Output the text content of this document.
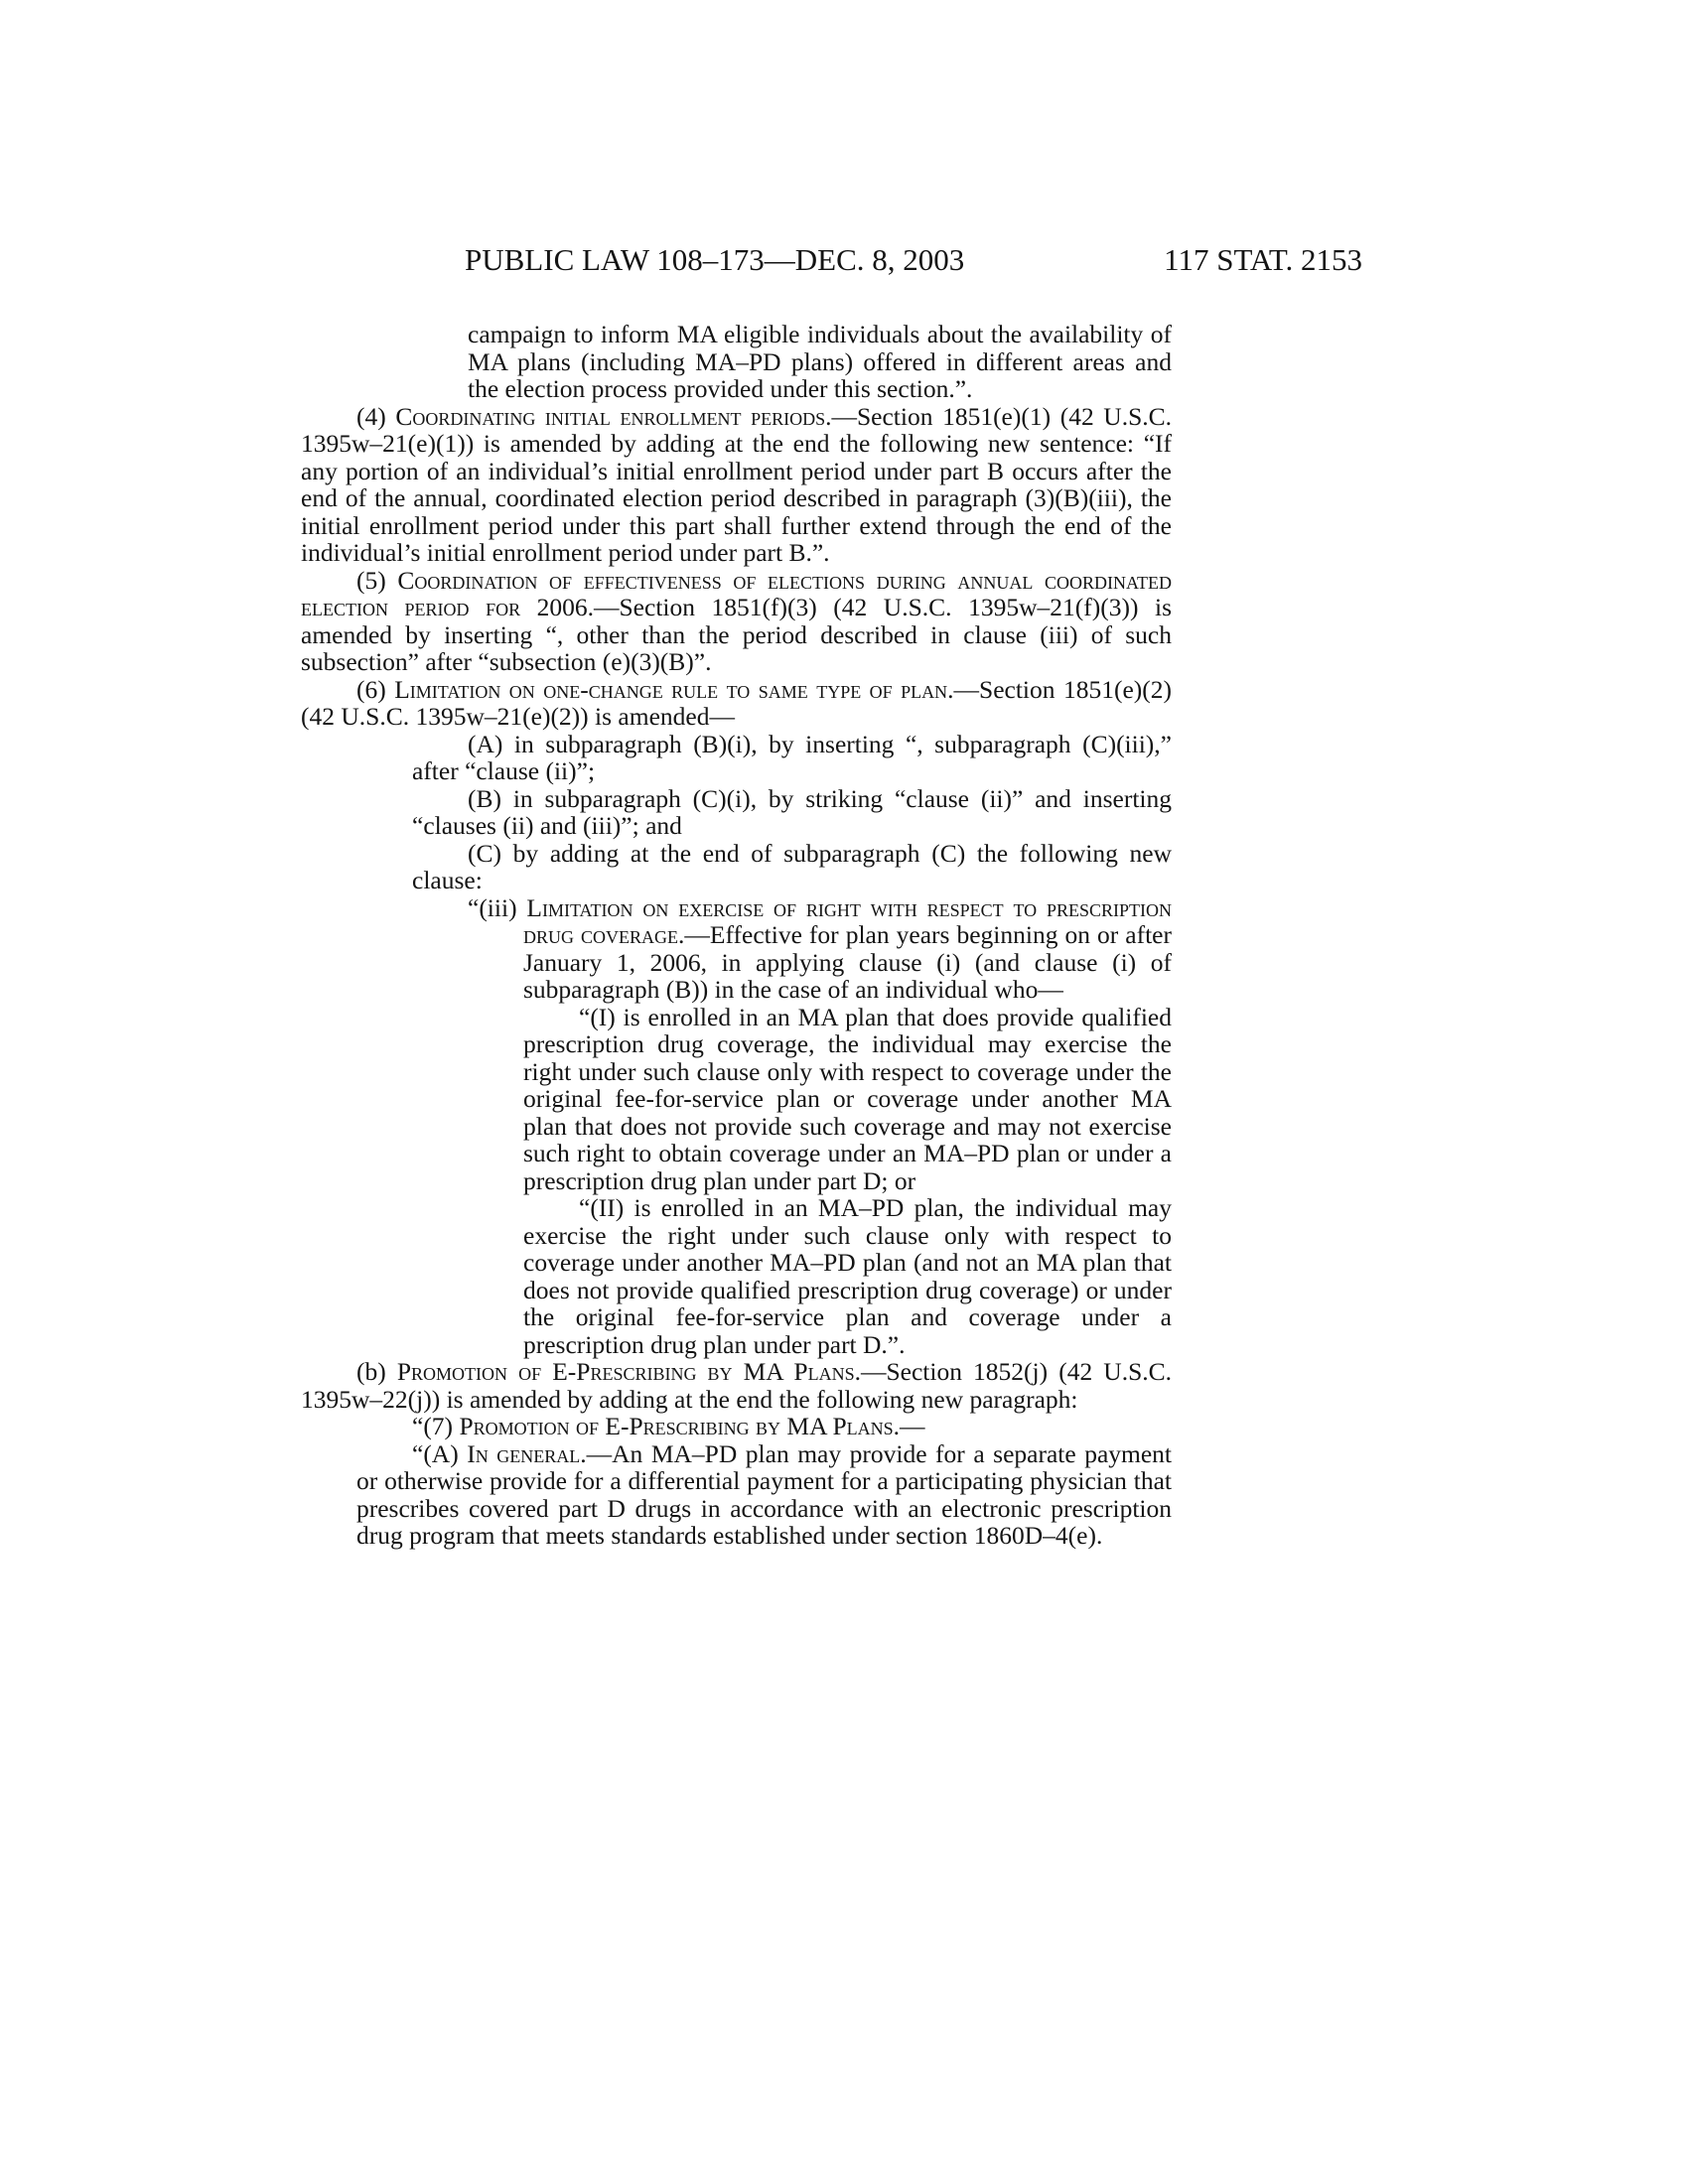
PUBLIC LAW 108–173—DEC. 8, 2003	117 STAT. 2153

campaign to inform MA eligible individuals about the availability of MA plans (including MA–PD plans) offered in different areas and the election process provided under this section.”.

(4) Coordinating initial enrollment periods.—Section 1851(e)(1) (42 U.S.C. 1395w–21(e)(1)) is amended by adding at the end the following new sentence: “If any portion of an individual’s initial enrollment period under part B occurs after the end of the annual, coordinated election period described in paragraph (3)(B)(iii), the initial enrollment period under this part shall further extend through the end of the individual’s initial enrollment period under part B.”.

(5) Coordination of effectiveness of elections during annual coordinated election period for 2006.—Section 1851(f)(3) (42 U.S.C. 1395w–21(f)(3)) is amended by inserting “, other than the period described in clause (iii) of such subsection” after “subsection (e)(3)(B)”.

(6) Limitation on one-change rule to same type of plan.—Section 1851(e)(2) (42 U.S.C. 1395w–21(e)(2)) is amended—

(A) in subparagraph (B)(i), by inserting “, subparagraph (C)(iii),” after “clause (ii)”;

(B) in subparagraph (C)(i), by striking “clause (ii)” and inserting “clauses (ii) and (iii)”; and

(C) by adding at the end of subparagraph (C) the following new clause:

“(iii) Limitation on exercise of right with respect to prescription drug coverage.—Effective for plan years beginning on or after January 1, 2006, in applying clause (i) (and clause (i) of subparagraph (B)) in the case of an individual who—

“(I) is enrolled in an MA plan that does provide qualified prescription drug coverage, the individual may exercise the right under such clause only with respect to coverage under the original fee-for-service plan or coverage under another MA plan that does not provide such coverage and may not exercise such right to obtain coverage under an MA–PD plan or under a prescription drug plan under part D; or

“(II) is enrolled in an MA–PD plan, the individual may exercise the right under such clause only with respect to coverage under another MA–PD plan (and not an MA plan that does not provide qualified prescription drug coverage) or under the original fee-for-service plan and coverage under a prescription drug plan under part D.”.

(b) Promotion of E-Prescribing by MA Plans.—Section 1852(j) (42 U.S.C. 1395w–22(j)) is amended by adding at the end the following new paragraph:

“(7) Promotion of E-Prescribing by MA Plans.—

“(A) In general.—An MA–PD plan may provide for a separate payment or otherwise provide for a differential payment for a participating physician that prescribes covered part D drugs in accordance with an electronic prescription drug program that meets standards established under section 1860D–4(e).
